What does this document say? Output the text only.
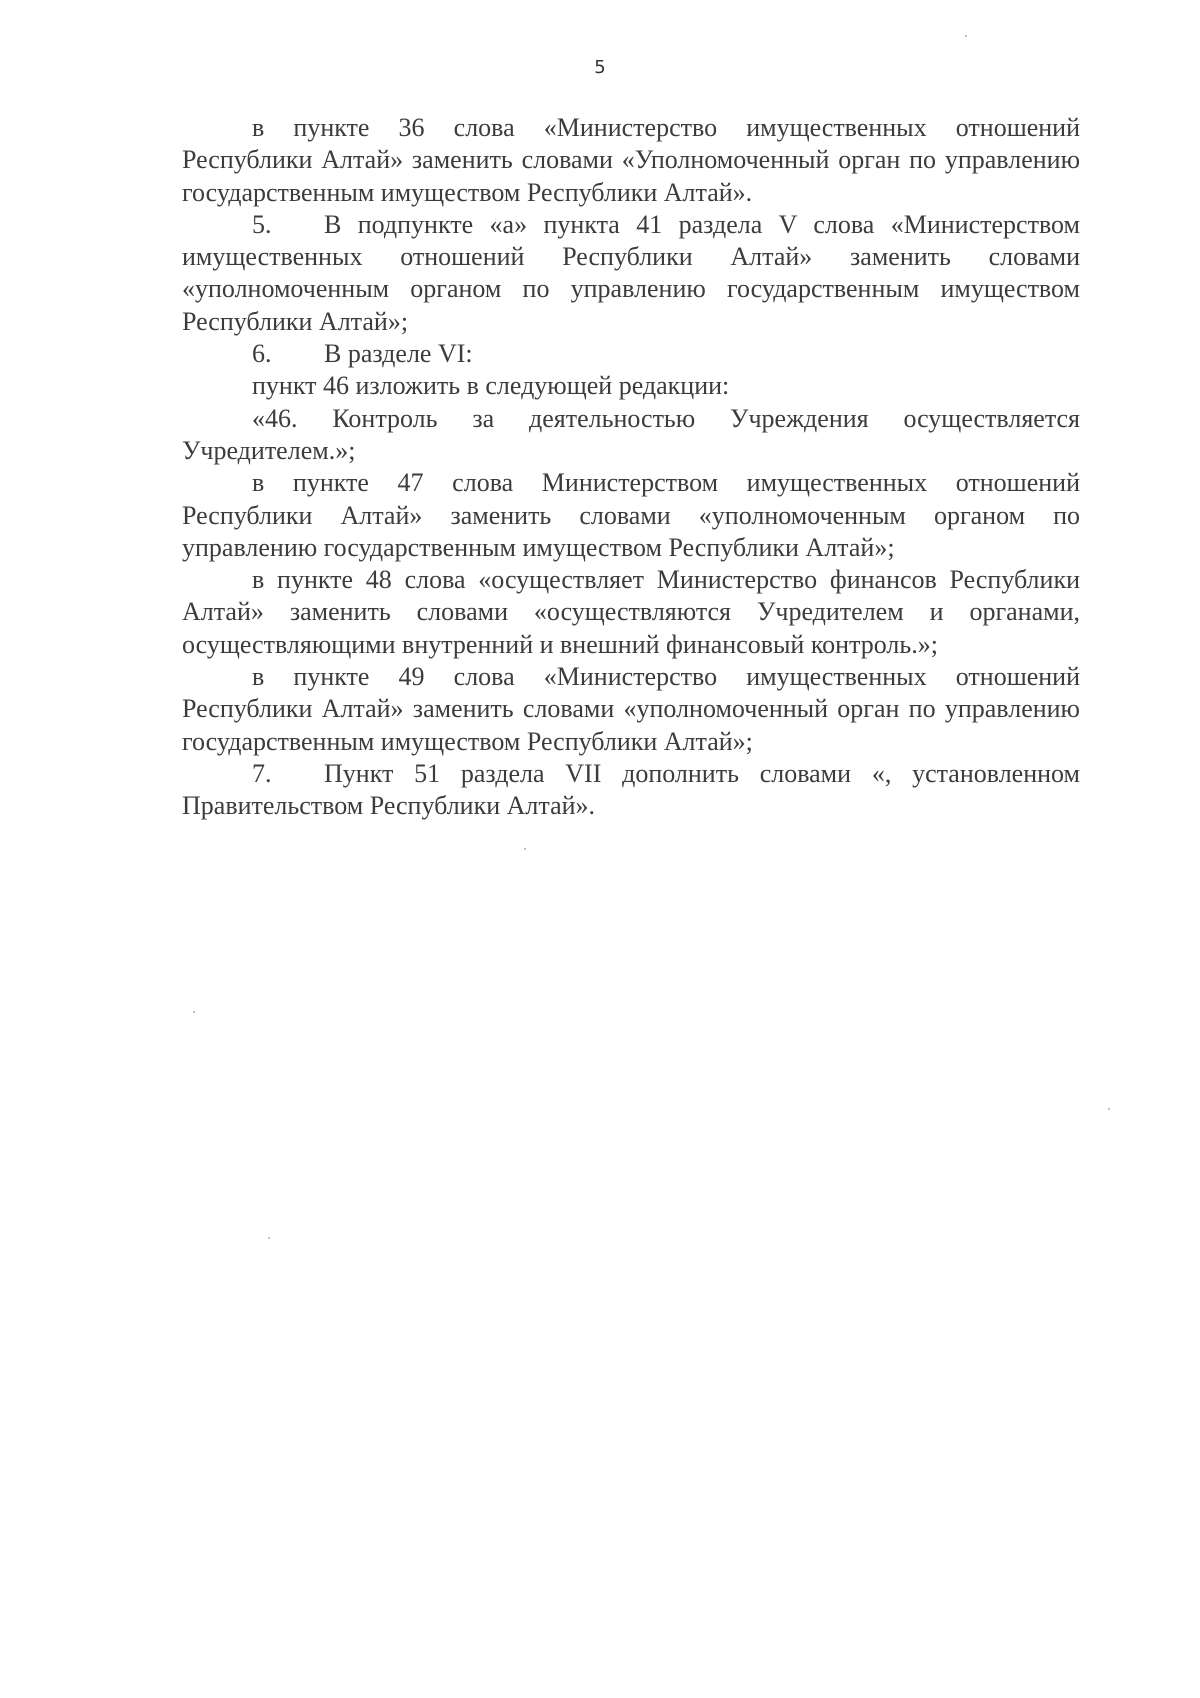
5

в пункте 36 слова «Министерство имущественных отношений Республики Алтай» заменить словами «Уполномоченный орган по управлению государственным имуществом Республики Алтай».

5. В подпункте «а» пункта 41 раздела V слова «Министерством имущественных отношений Республики Алтай» заменить словами «уполномоченным органом по управлению государственным имуществом Республики Алтай»;

6. В разделе VI:

пункт 46 изложить в следующей редакции:

«46. Контроль за деятельностью Учреждения осуществляется Учредителем.»;

в пункте 47 слова Министерством имущественных отношений Республики Алтай» заменить словами «уполномоченным органом по управлению государственным имуществом Республики Алтай»;

в пункте 48 слова «осуществляет Министерство финансов Республики Алтай» заменить словами «осуществляются Учредителем и органами, осуществляющими внутренний и внешний финансовый контроль.»;

в пункте 49 слова «Министерство имущественных отношений Республики Алтай» заменить словами «уполномоченный орган по управлению государственным имуществом Республики Алтай»;

7. Пункт 51 раздела VII дополнить словами «, установленном Правительством Республики Алтай».
